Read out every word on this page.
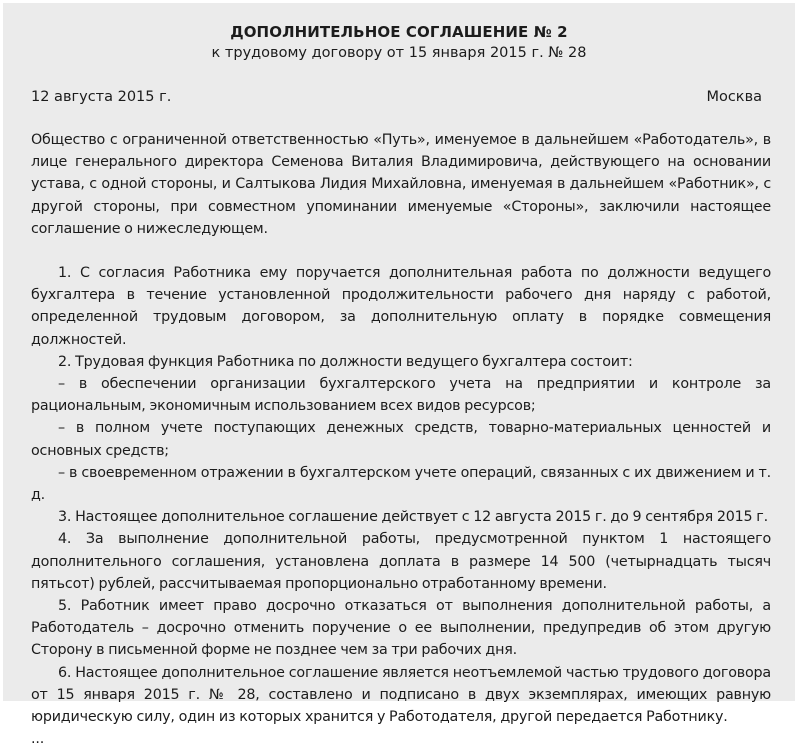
ДОПОЛНИТЕЛЬНОЕ СОГЛАШЕНИЕ № 2
к трудовому договору от 15 января 2015 г. № 28
12 августа 2015 г.	Москва

Общество с ограниченной ответственностью «Путь», именуемое в дальнейшем «Работодатель», в лице генерального директора Семенова Виталия Владимировича, действующего на основании устава, с одной стороны, и Салтыкова Лидия Михайловна, именуемая в дальнейшем «Работник», с другой стороны, при совместном упоминании именуемые «Стороны», заключили настоящее соглашение о нижеследующем.

1. С согласия Работника ему поручается дополнительная работа по должности ведущего бухгалтера в течение установленной продолжительности рабочего дня наряду с работой, определенной трудовым договором, за дополнительную оплату в порядке совмещения должностей.

2. Трудовая функция Работника по должности ведущего бухгалтера состоит:

– в обеспечении организации бухгалтерского учета на предприятии и контроле за рациональным, экономичным использованием всех видов ресурсов;

– в полном учете поступающих денежных средств, товарно-материальных ценностей и основных средств;

– в своевременном отражении в бухгалтерском учете операций, связанных с их движением и т. д.

3. Настоящее дополнительное соглашение действует с 12 августа 2015 г. до 9 сентября 2015 г.

4. За выполнение дополнительной работы, предусмотренной пунктом 1 настоящего дополнительного соглашения, установлена доплата в размере 14 500 (четырнадцать тысяч пятьсот) рублей, рассчитываемая пропорционально отработанному времени.

5. Работник имеет право досрочно отказаться от выполнения дополнительной работы, а Работодатель – досрочно отменить поручение о ее выполнении, предупредив об этом другую Сторону в письменной форме не позднее чем за три рабочих дня.

6. Настоящее дополнительное соглашение является неотъемлемой частью трудового договора от 15 января 2015 г. № 28, составлено и подписано в двух экземплярах, имеющих равную юридическую силу, один из которых хранится у Работодателя, другой передается Работнику.

...
